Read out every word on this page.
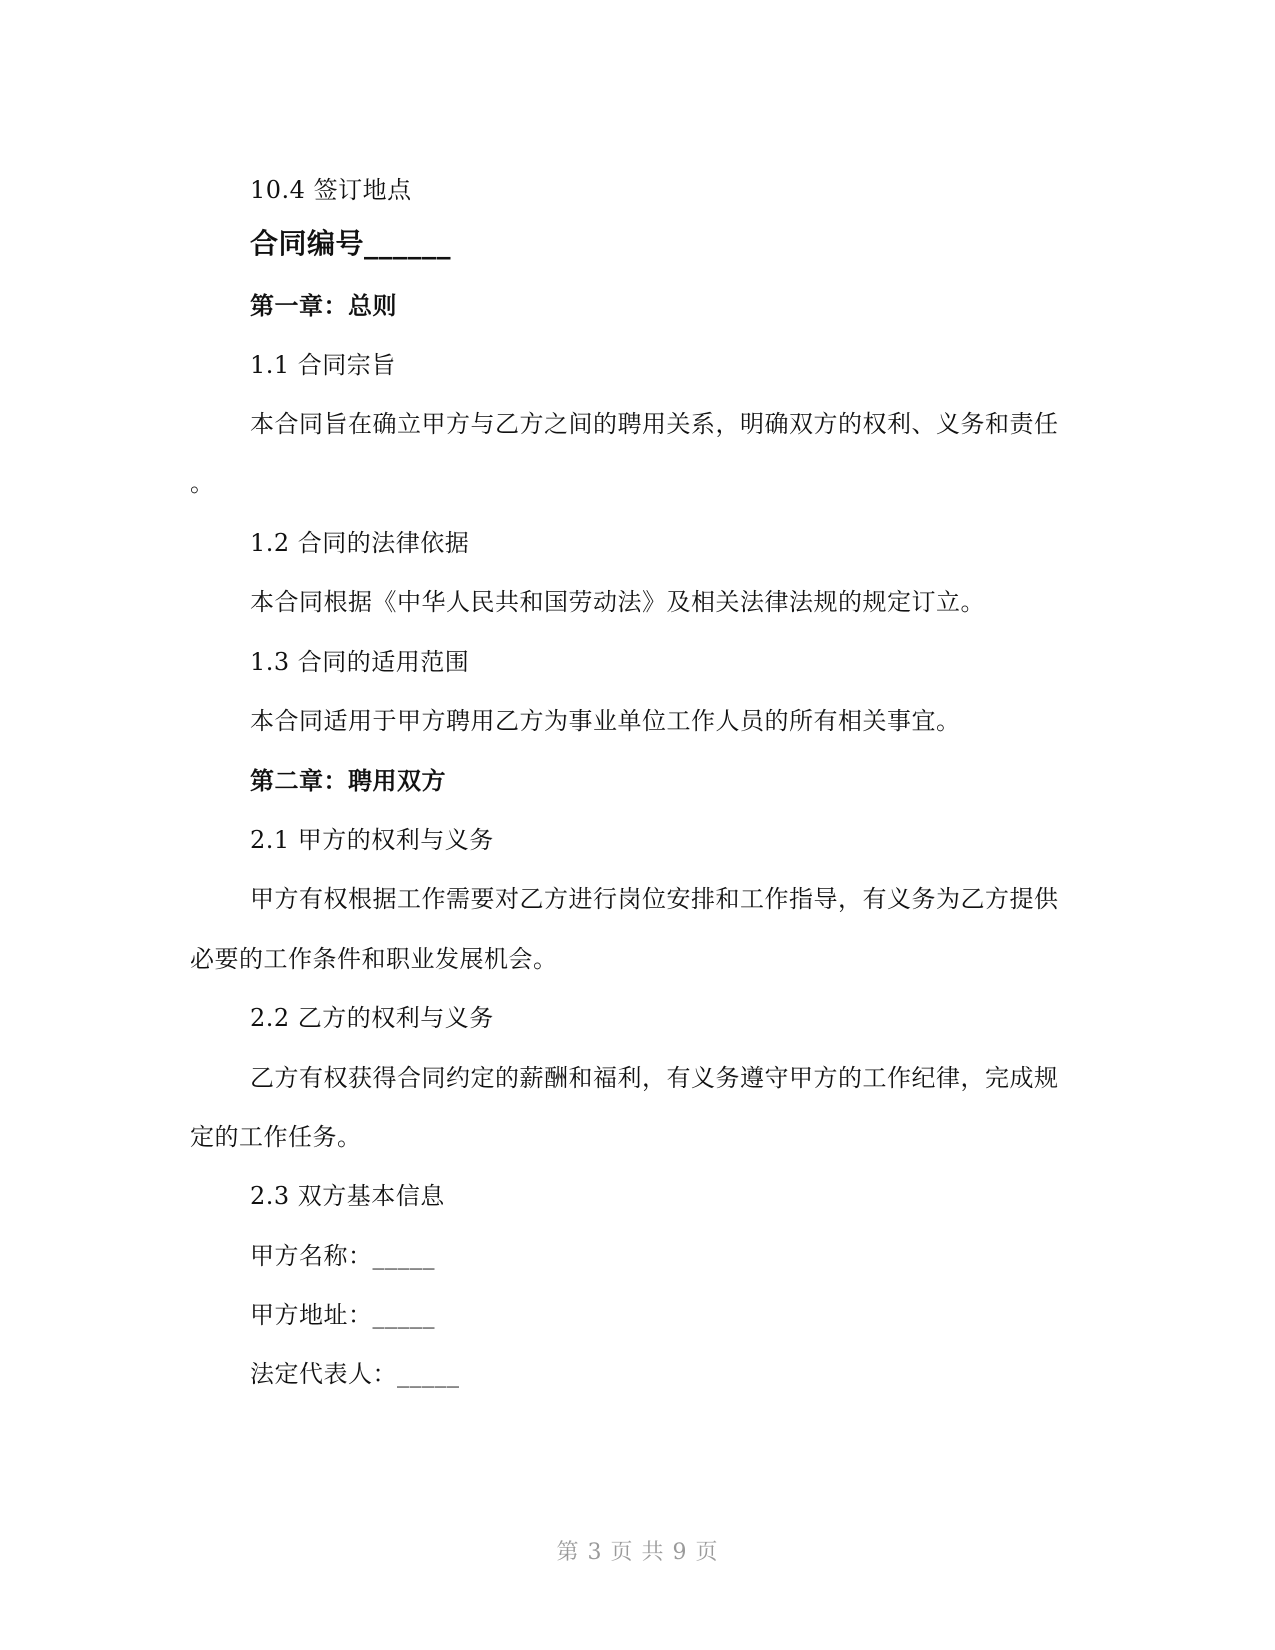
10.4 签订地点

合同编号______

第一章：总则

1.1 合同宗旨

本合同旨在确立甲方与乙方之间的聘用关系，明确双方的权利、义务和责任

。

1.2 合同的法律依据

本合同根据《中华人民共和国劳动法》及相关法律法规的规定订立。

1.3 合同的适用范围

本合同适用于甲方聘用乙方为事业单位工作人员的所有相关事宜。

第二章：聘用双方

2.1 甲方的权利与义务

甲方有权根据工作需要对乙方进行岗位安排和工作指导，有义务为乙方提供

必要的工作条件和职业发展机会。

2.2 乙方的权利与义务

乙方有权获得合同约定的薪酬和福利，有义务遵守甲方的工作纪律，完成规

定的工作任务。

2.3 双方基本信息

甲方名称：_____

甲方地址：_____

法定代表人：_____

第 3 页 共 9 页
